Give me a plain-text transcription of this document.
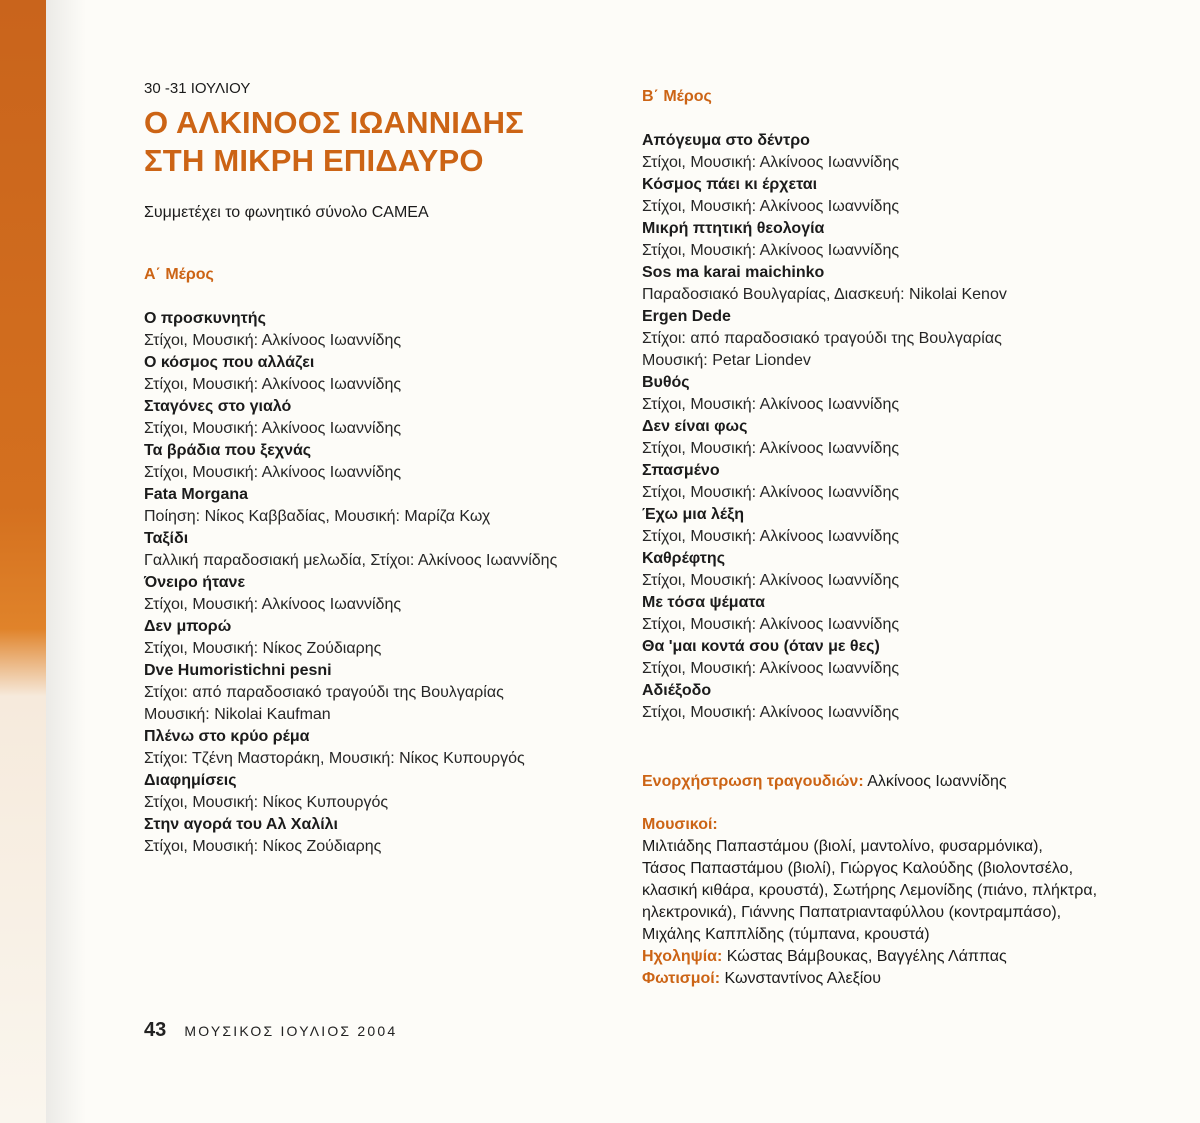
30 -31 ΙΟΥΛΙΟΥ
Ο ΑΛΚΙΝΟΟΣ ΙΩΑΝΝΙΔΗΣ
ΣΤΗ ΜΙΚΡΗ ΕΠΙΔΑΥΡΟ
Συμμετέχει το φωνητικό σύνολο CAMEA
Α΄ Μέρος
Ο προσκυνητής
Στίχοι, Μουσική: Αλκίνοος Ιωαννίδης
Ο κόσμος που αλλάζει
Στίχοι, Μουσική: Αλκίνοος Ιωαννίδης
Σταγόνες στο γιαλό
Στίχοι, Μουσική: Αλκίνοος Ιωαννίδης
Τα βράδια που ξεχνάς
Στίχοι, Μουσική: Αλκίνοος Ιωαννίδης
Fata Morgana
Ποίηση: Νίκος Καββαδίας, Μουσική: Μαρίζα Κωχ
Ταξίδι
Γαλλική παραδοσιακή μελωδία, Στίχοι: Αλκίνοος Ιωαννίδης
Όνειρο ήτανε
Στίχοι, Μουσική: Αλκίνοος Ιωαννίδης
Δεν μπορώ
Στίχοι, Μουσική: Νίκος Ζούδιαρης
Dve Humoristichni pesni
Στίχοι: από παραδοσιακό τραγούδι της Βουλγαρίας
Μουσική: Nikolai Kaufman
Πλένω στο κρύο ρέμα
Στίχοι: Τζένη Μαστοράκη, Μουσική: Νίκος Κυπουργός
Διαφημίσεις
Στίχοι, Μουσική: Νίκος Κυπουργός
Στην αγορά του Αλ Χαλίλι
Στίχοι, Μουσική: Νίκος Ζούδιαρης
Β΄ Μέρος
Απόγευμα στο δέντρο
Στίχοι, Μουσική: Αλκίνοος Ιωαννίδης
Κόσμος πάει κι έρχεται
Στίχοι, Μουσική: Αλκίνοος Ιωαννίδης
Μικρή πτητική θεολογία
Στίχοι, Μουσική: Αλκίνοος Ιωαννίδης
Sos ma karai maichinko
Παραδοσιακό Βουλγαρίας, Διασκευή: Nikolai Kenov
Ergen Dede
Στίχοι: από παραδοσιακό τραγούδι της Βουλγαρίας
Μουσική: Petar Liondev
Βυθός
Στίχοι, Μουσική: Αλκίνοος Ιωαννίδης
Δεν είναι φως
Στίχοι, Μουσική: Αλκίνοος Ιωαννίδης
Σπασμένο
Στίχοι, Μουσική: Αλκίνοος Ιωαννίδης
Έχω μια λέξη
Στίχοι, Μουσική: Αλκίνοος Ιωαννίδης
Καθρέφτης
Στίχοι, Μουσική: Αλκίνοος Ιωαννίδης
Με τόσα ψέματα
Στίχοι, Μουσική: Αλκίνοος Ιωαννίδης
Θα 'μαι κοντά σου (όταν με θες)
Στίχοι, Μουσική: Αλκίνοος Ιωαννίδης
Αδιέξοδο
Στίχοι, Μουσική: Αλκίνοος Ιωαννίδης
Ενορχήστρωση τραγουδιών: Αλκίνοος Ιωαννίδης
Μουσικοί:
Μιλτιάδης Παπαστάμου (βιολί, μαντολίνο, φυσαρμόνικα),
Τάσος Παπαστάμου (βιολί), Γιώργος Καλούδης (βιολοντσέλο,
κλασική κιθάρα, κρουστά), Σωτήρης Λεμονίδης (πιάνο, πλήκτρα,
ηλεκτρονικά), Γιάννης Παπατριανταφύλλου (κοντραμπάσο),
Μιχάλης Καππλίδης (τύμπανα, κρουστά)
Ηχοληψία: Κώστας Βάμβουκας, Βαγγέλης Λάππας
Φωτισμοί: Κωνσταντίνος Αλεξίου
43 ΜΟΥΣΙΚΟΣ ΙΟΥΛΙΟΣ 2004
